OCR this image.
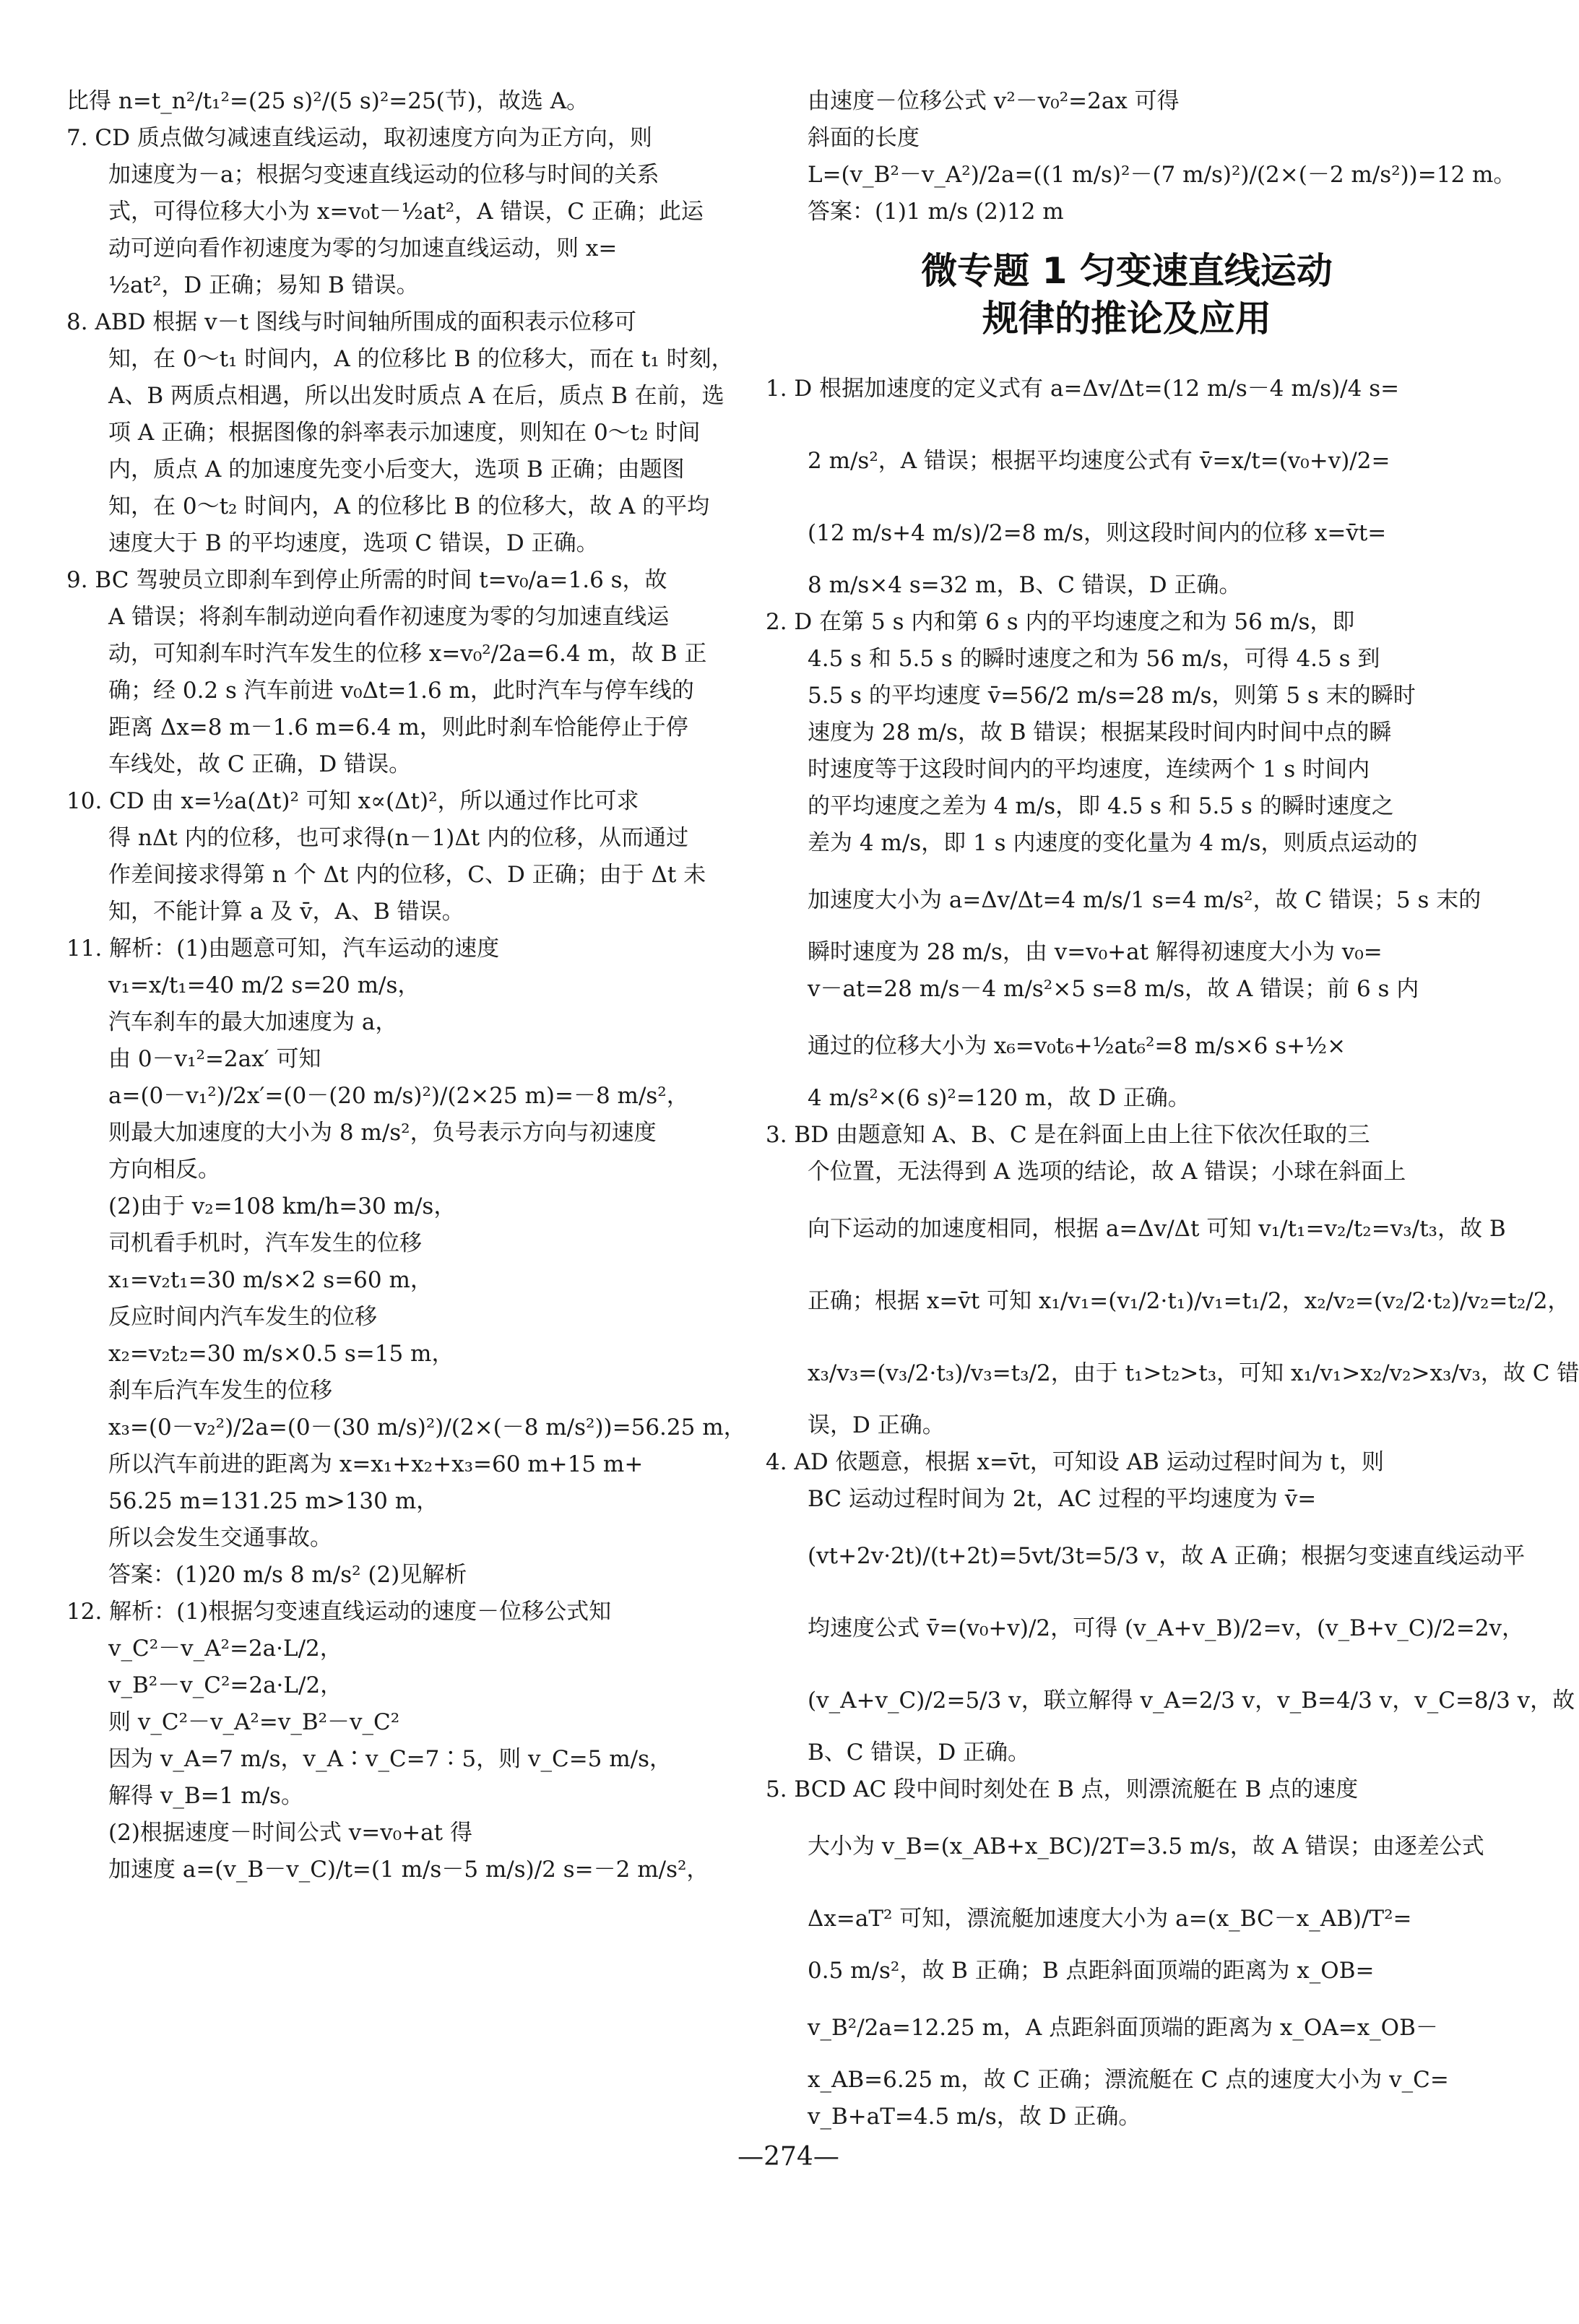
比得 n=t_n²/t₁²=(25 s)²/(5 s)²=25(节)，故选 A。
7. CD 质点做匀减速直线运动，取初速度方向为正方向，则
加速度为－a；根据匀变速直线运动的位移与时间的关系
式，可得位移大小为 x=v₀t－½at²，A 错误，C 正确；此运
动可逆向看作初速度为零的匀加速直线运动，则 x=
½at²，D 正确；易知 B 错误。
8. ABD 根据 v－t 图线与时间轴所围成的面积表示位移可
知，在 0～t₁ 时间内，A 的位移比 B 的位移大，而在 t₁ 时刻，
A、B 两质点相遇，所以出发时质点 A 在后，质点 B 在前，选
项 A 正确；根据图像的斜率表示加速度，则知在 0～t₂ 时间
内，质点 A 的加速度先变小后变大，选项 B 正确；由题图
知，在 0～t₂ 时间内，A 的位移比 B 的位移大，故 A 的平均
速度大于 B 的平均速度，选项 C 错误，D 正确。
9. BC 驾驶员立即刹车到停止所需的时间 t=v₀/a=1.6 s，故
A 错误；将刹车制动逆向看作初速度为零的匀加速直线运
动，可知刹车时汽车发生的位移 x=v₀²/2a=6.4 m，故 B 正
确；经 0.2 s 汽车前进 v₀Δt=1.6 m，此时汽车与停车线的
距离 Δx=8 m－1.6 m=6.4 m，则此时刹车恰能停止于停
车线处，故 C 正确，D 错误。
10. CD 由 x=½a(Δt)² 可知 x∝(Δt)²，所以通过作比可求
得 nΔt 内的位移，也可求得(n－1)Δt 内的位移，从而通过
作差间接求得第 n 个 Δt 内的位移，C、D 正确；由于 Δt 未
知，不能计算 a 及 v̄，A、B 错误。
11. 解析：(1)由题意可知，汽车运动的速度
v₁=x/t₁=40 m/2 s=20 m/s，
汽车刹车的最大加速度为 a，
由 0－v₁²=2ax′ 可知
a=(0－v₁²)/2x′=(0－(20 m/s)²)/(2×25 m)=－8 m/s²，
则最大加速度的大小为 8 m/s²，负号表示方向与初速度
方向相反。
(2)由于 v₂=108 km/h=30 m/s，
司机看手机时，汽车发生的位移
x₁=v₂t₁=30 m/s×2 s=60 m，
反应时间内汽车发生的位移
x₂=v₂t₂=30 m/s×0.5 s=15 m，
刹车后汽车发生的位移
x₃=(0－v₂²)/2a=(0－(30 m/s)²)/(2×(－8 m/s²))=56.25 m，
所以汽车前进的距离为 x=x₁+x₂+x₃=60 m+15 m+
56.25 m=131.25 m>130 m，
所以会发生交通事故。
答案：(1)20 m/s 8 m/s² (2)见解析
12. 解析：(1)根据匀变速直线运动的速度－位移公式知
v_C²－v_A²=2a·L/2，
v_B²－v_C²=2a·L/2，
则 v_C²－v_A²=v_B²－v_C²
因为 v_A=7 m/s，v_A∶v_C=7∶5，则 v_C=5 m/s，
解得 v_B=1 m/s。
(2)根据速度－时间公式 v=v₀+at 得
加速度 a=(v_B－v_C)/t=(1 m/s－5 m/s)/2 s=－2 m/s²，
由速度－位移公式 v²－v₀²=2ax 可得
斜面的长度
L=(v_B²－v_A²)/2a=((1 m/s)²－(7 m/s)²)/(2×(－2 m/s²))=12 m。
答案：(1)1 m/s (2)12 m
微专题 1 匀变速直线运动
规律的推论及应用
1. D 根据加速度的定义式有 a=Δv/Δt=(12 m/s－4 m/s)/4 s=
2 m/s²，A 错误；根据平均速度公式有 v̄=x/t=(v₀+v)/2=
(12 m/s+4 m/s)/2=8 m/s，则这段时间内的位移 x=v̄t=
8 m/s×4 s=32 m，B、C 错误，D 正确。
2. D 在第 5 s 内和第 6 s 内的平均速度之和为 56 m/s，即
4.5 s 和 5.5 s 的瞬时速度之和为 56 m/s，可得 4.5 s 到
5.5 s 的平均速度 v̄=56/2 m/s=28 m/s，则第 5 s 末的瞬时
速度为 28 m/s，故 B 错误；根据某段时间内时间中点的瞬
时速度等于这段时间内的平均速度，连续两个 1 s 时间内
的平均速度之差为 4 m/s，即 4.5 s 和 5.5 s 的瞬时速度之
差为 4 m/s，即 1 s 内速度的变化量为 4 m/s，则质点运动的
加速度大小为 a=Δv/Δt=4 m/s/1 s=4 m/s²，故 C 错误；5 s 末的
瞬时速度为 28 m/s，由 v=v₀+at 解得初速度大小为 v₀=
v－at=28 m/s－4 m/s²×5 s=8 m/s，故 A 错误；前 6 s 内
通过的位移大小为 x₆=v₀t₆+½at₆²=8 m/s×6 s+½×
4 m/s²×(6 s)²=120 m，故 D 正确。
3. BD 由题意知 A、B、C 是在斜面上由上往下依次任取的三
个位置，无法得到 A 选项的结论，故 A 错误；小球在斜面上
向下运动的加速度相同，根据 a=Δv/Δt 可知 v₁/t₁=v₂/t₂=v₃/t₃，故 B
正确；根据 x=v̄t 可知 x₁/v₁=(v₁/2·t₁)/v₁=t₁/2，x₂/v₂=(v₂/2·t₂)/v₂=t₂/2，
x₃/v₃=(v₃/2·t₃)/v₃=t₃/2，由于 t₁>t₂>t₃，可知 x₁/v₁>x₂/v₂>x₃/v₃，故 C 错
误，D 正确。
4. AD 依题意，根据 x=v̄t，可知设 AB 运动过程时间为 t，则
BC 运动过程时间为 2t，AC 过程的平均速度为 v̄=
(vt+2v·2t)/(t+2t)=5vt/3t=5/3 v，故 A 正确；根据匀变速直线运动平
均速度公式 v̄=(v₀+v)/2，可得 (v_A+v_B)/2=v，(v_B+v_C)/2=2v，
(v_A+v_C)/2=5/3 v，联立解得 v_A=2/3 v，v_B=4/3 v，v_C=8/3 v，故
B、C 错误，D 正确。
5. BCD AC 段中间时刻处在 B 点，则漂流艇在 B 点的速度
大小为 v_B=(x_AB+x_BC)/2T=3.5 m/s，故 A 错误；由逐差公式
Δx=aT² 可知，漂流艇加速度大小为 a=(x_BC－x_AB)/T²=
0.5 m/s²，故 B 正确；B 点距斜面顶端的距离为 x_OB=
v_B²/2a=12.25 m，A 点距斜面顶端的距离为 x_OA=x_OB－
x_AB=6.25 m，故 C 正确；漂流艇在 C 点的速度大小为 v_C=
v_B+aT=4.5 m/s，故 D 正确。
—274—
